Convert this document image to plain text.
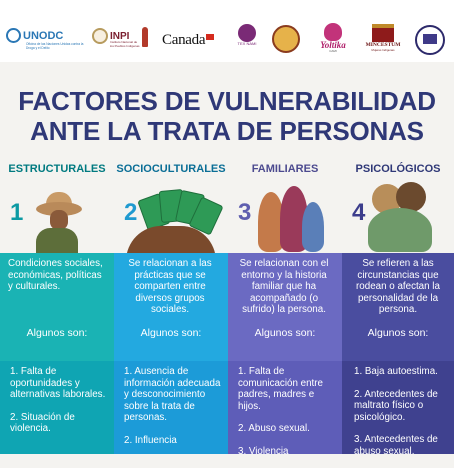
UNODC
Oficina de las Naciones Unidas contra la Droga y el Delito
INPI
Instituto Nacional de los Pueblos Indígenas Canada	TEX NAMI	Yoltika
CAMI
MINCESTUM
Mujeres Indígenas
FACTORES DE VULNERABILIDAD
ANTE LA TRATA DE PERSONAS
ESTRUCTURALES
1
Condiciones sociales, económicas, políticas y culturales.
Algunos son:

1. Falta de oportunidades y alternativas laborales.

2. Situación de violencia.

SOCIOCULTURALES
2
Se relacionan a las prácticas que se comparten entre diversos grupos sociales.
Algunos son:

1. Ausencia de información adecuada y desconocimiento sobre la trata de personas.

2. Influencia

FAMILIARES
3
Se relacionan con el entorno y la historia familiar que ha acompañado (o sufrido) la persona.
Algunos son:

1. Falta de comunicación entre padres, madres e hijos.

2. Abuso sexual.

3. Violencia

PSICOLÓGICOS
4
Se refieren a las circunstancias que rodean o afectan la personalidad de la persona.
Algunos son:

1. Baja autoestima.

2. Antecedentes de maltrato físico o psicológico.

3. Antecedentes de abuso sexual.
